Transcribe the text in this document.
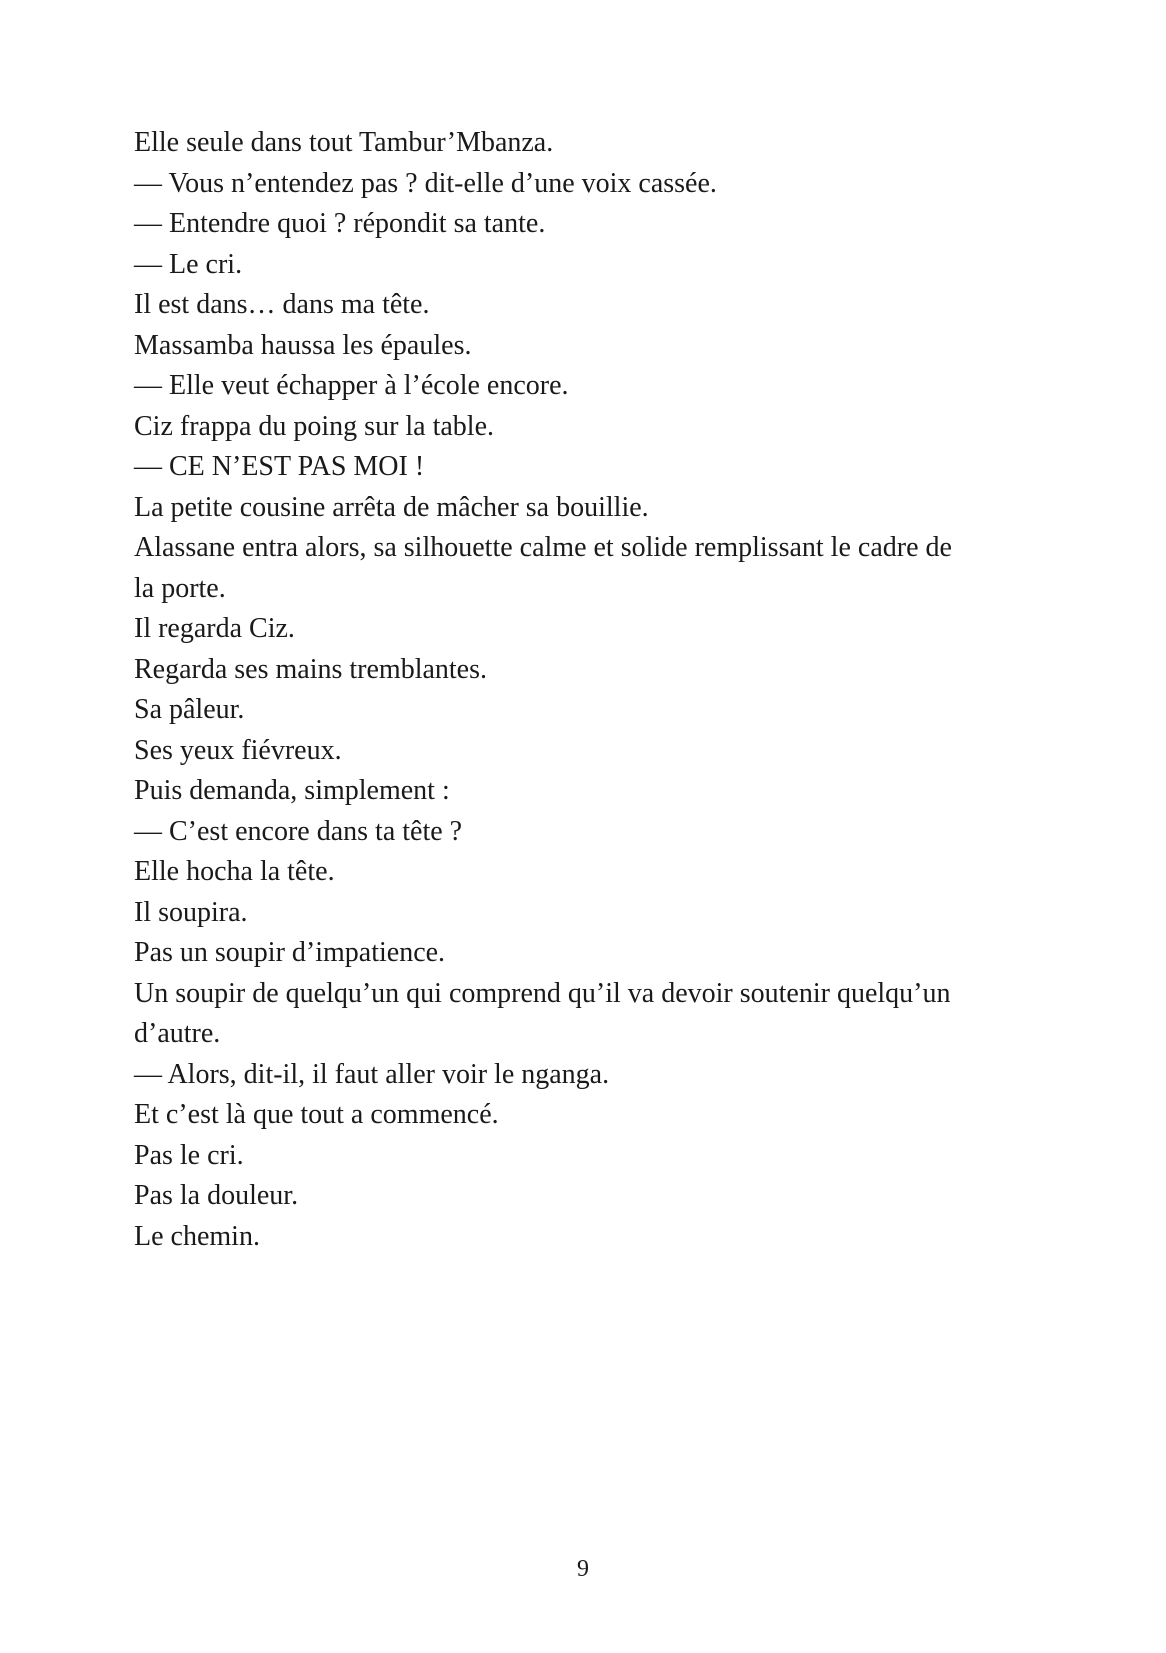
Elle seule dans tout Tambur’Mbanza.
— Vous n’entendez pas ? dit-elle d’une voix cassée.
— Entendre quoi ? répondit sa tante.
— Le cri.
Il est dans… dans ma tête.
Massamba haussa les épaules.
— Elle veut échapper à l’école encore.
Ciz frappa du poing sur la table.
— CE N’EST PAS MOI !
La petite cousine arrêta de mâcher sa bouillie.
Alassane entra alors, sa silhouette calme et solide remplissant le cadre de
la porte.
Il regarda Ciz.
Regarda ses mains tremblantes.
Sa pâleur.
Ses yeux fiévreux.
Puis demanda, simplement :
— C’est encore dans ta tête ?
Elle hocha la tête.
Il soupira.
Pas un soupir d’impatience.
Un soupir de quelqu’un qui comprend qu’il va devoir soutenir quelqu’un
d’autre.
— Alors, dit-il, il faut aller voir le nganga.
Et c’est là que tout a commencé.
Pas le cri.
Pas la douleur.
Le chemin.
9
